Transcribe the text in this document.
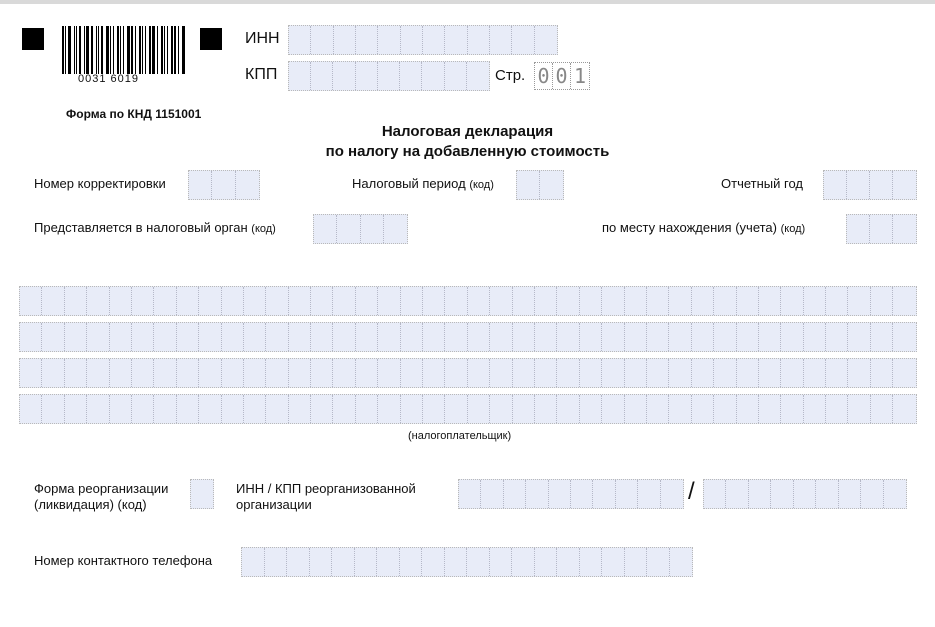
0031 6019
ИНН
КПП	Стр. 0 0 1
Форма по КНД 1151001
Налоговая декларация
по налогу на добавленную стоимость
Номер корректировки	Налоговый период (код)	Отчетный год
Представляется в налоговый орган (код)	по месту нахождения (учета) (код)
(налогоплательщик)
Форма реорганизации
(ликвидация) (код)
ИНН / КПП реорганизованной
организации	/
Номер контактного телефона
